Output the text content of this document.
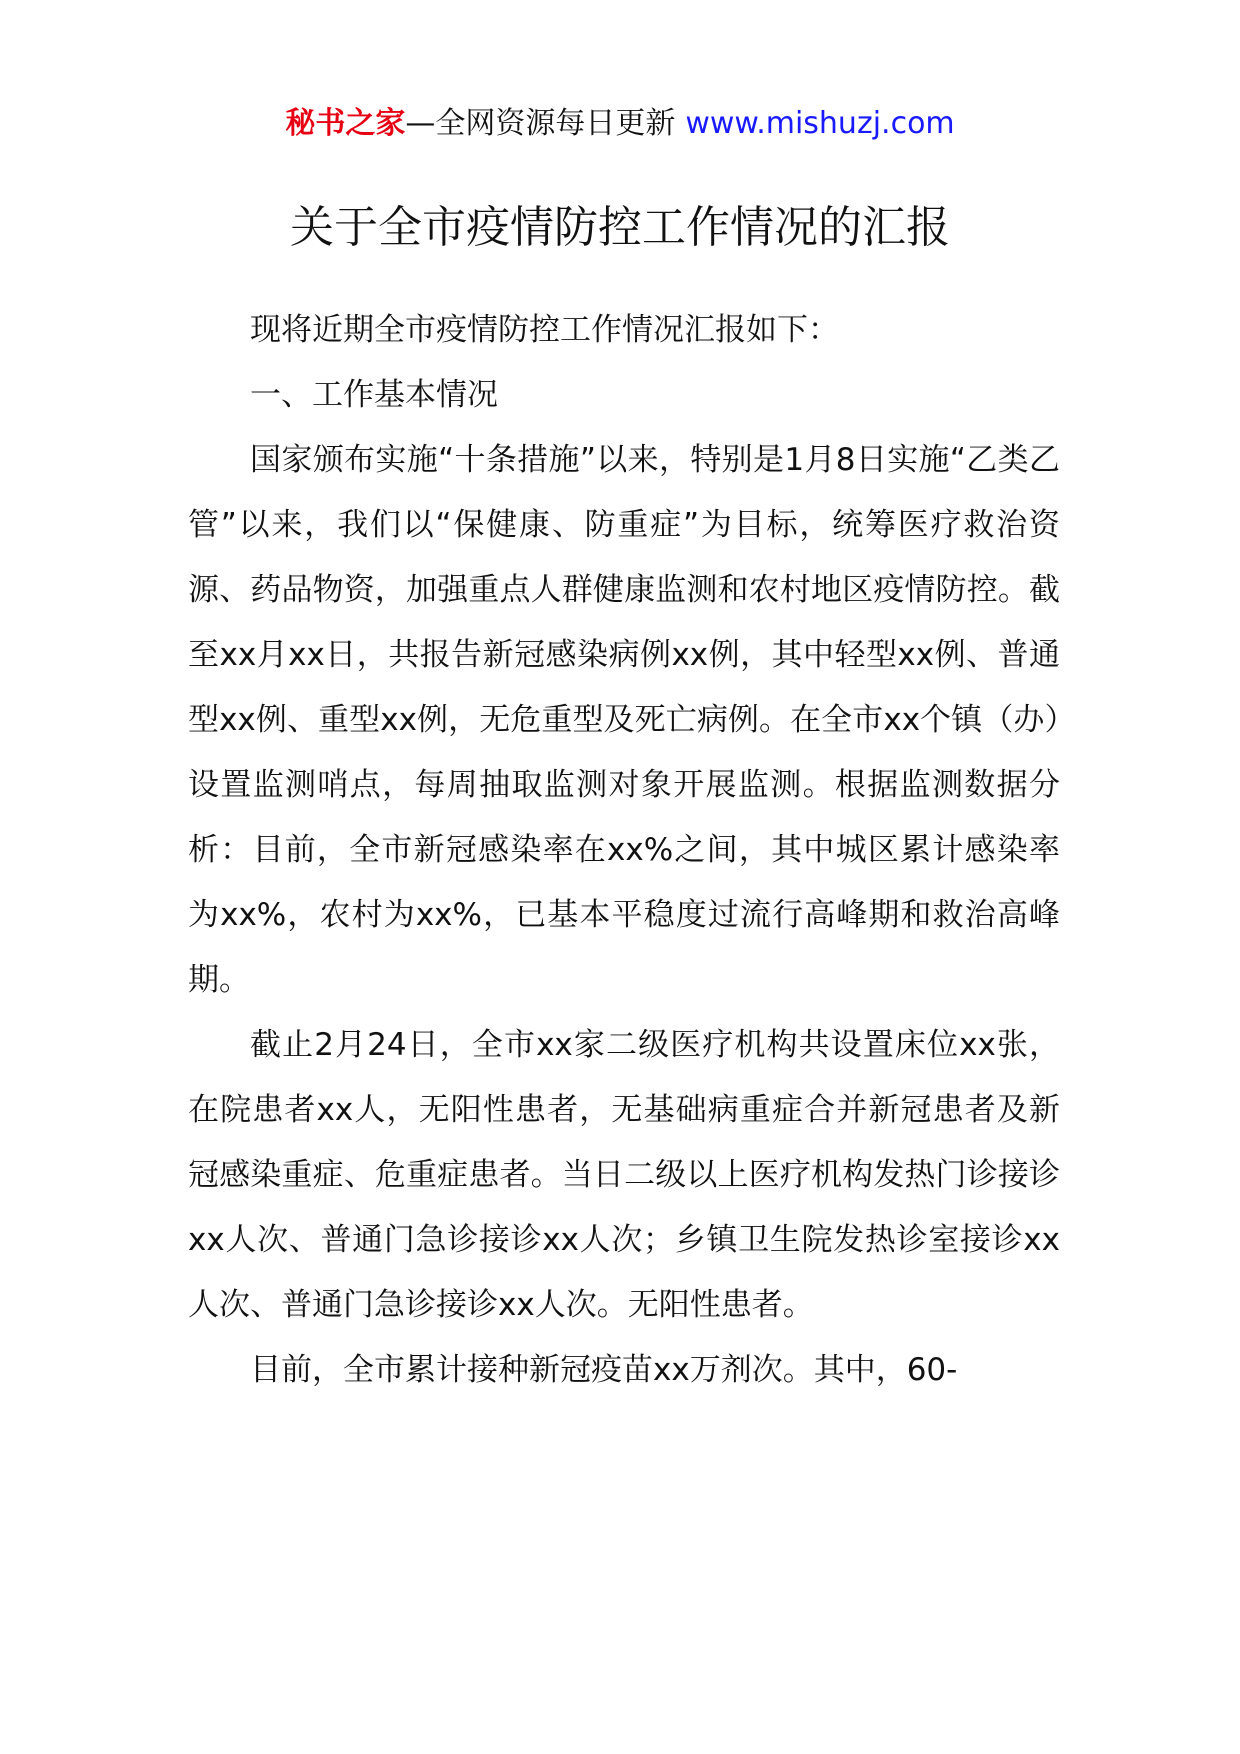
秘书之家—全网资源每日更新 www.mishuzj.com
关于全市疫情防控工作情况的汇报

现将近期全市疫情防控工作情况汇报如下：

一、工作基本情况

国家颁布实施“十条措施”以来，特别是1月8日实施“乙类乙管”以来，我们以“保健康、防重症”为目标，统筹医疗救治资源、药品物资，加强重点人群健康监测和农村地区疫情防控。截至xx月xx日，共报告新冠感染病例xx例，其中轻型xx例、普通型xx例、重型xx例，无危重型及死亡病例。在全市xx个镇（办）设置监测哨点，每周抽取监测对象开展监测。根据监测数据分析：目前，全市新冠感染率在xx%之间，其中城区累计感染率为xx%，农村为xx%，已基本平稳度过流行高峰期和救治高峰期。

截止2月24日，全市xx家二级医疗机构共设置床位xx张，在院患者xx人，无阳性患者，无基础病重症合并新冠患者及新冠感染重症、危重症患者。当日二级以上医疗机构发热门诊接诊xx人次、普通门急诊接诊xx人次；乡镇卫生院发热诊室接诊xx人次、普通门急诊接诊xx人次。无阳性患者。

目前，全市累计接种新冠疫苗xx万剂次。其中，60-
